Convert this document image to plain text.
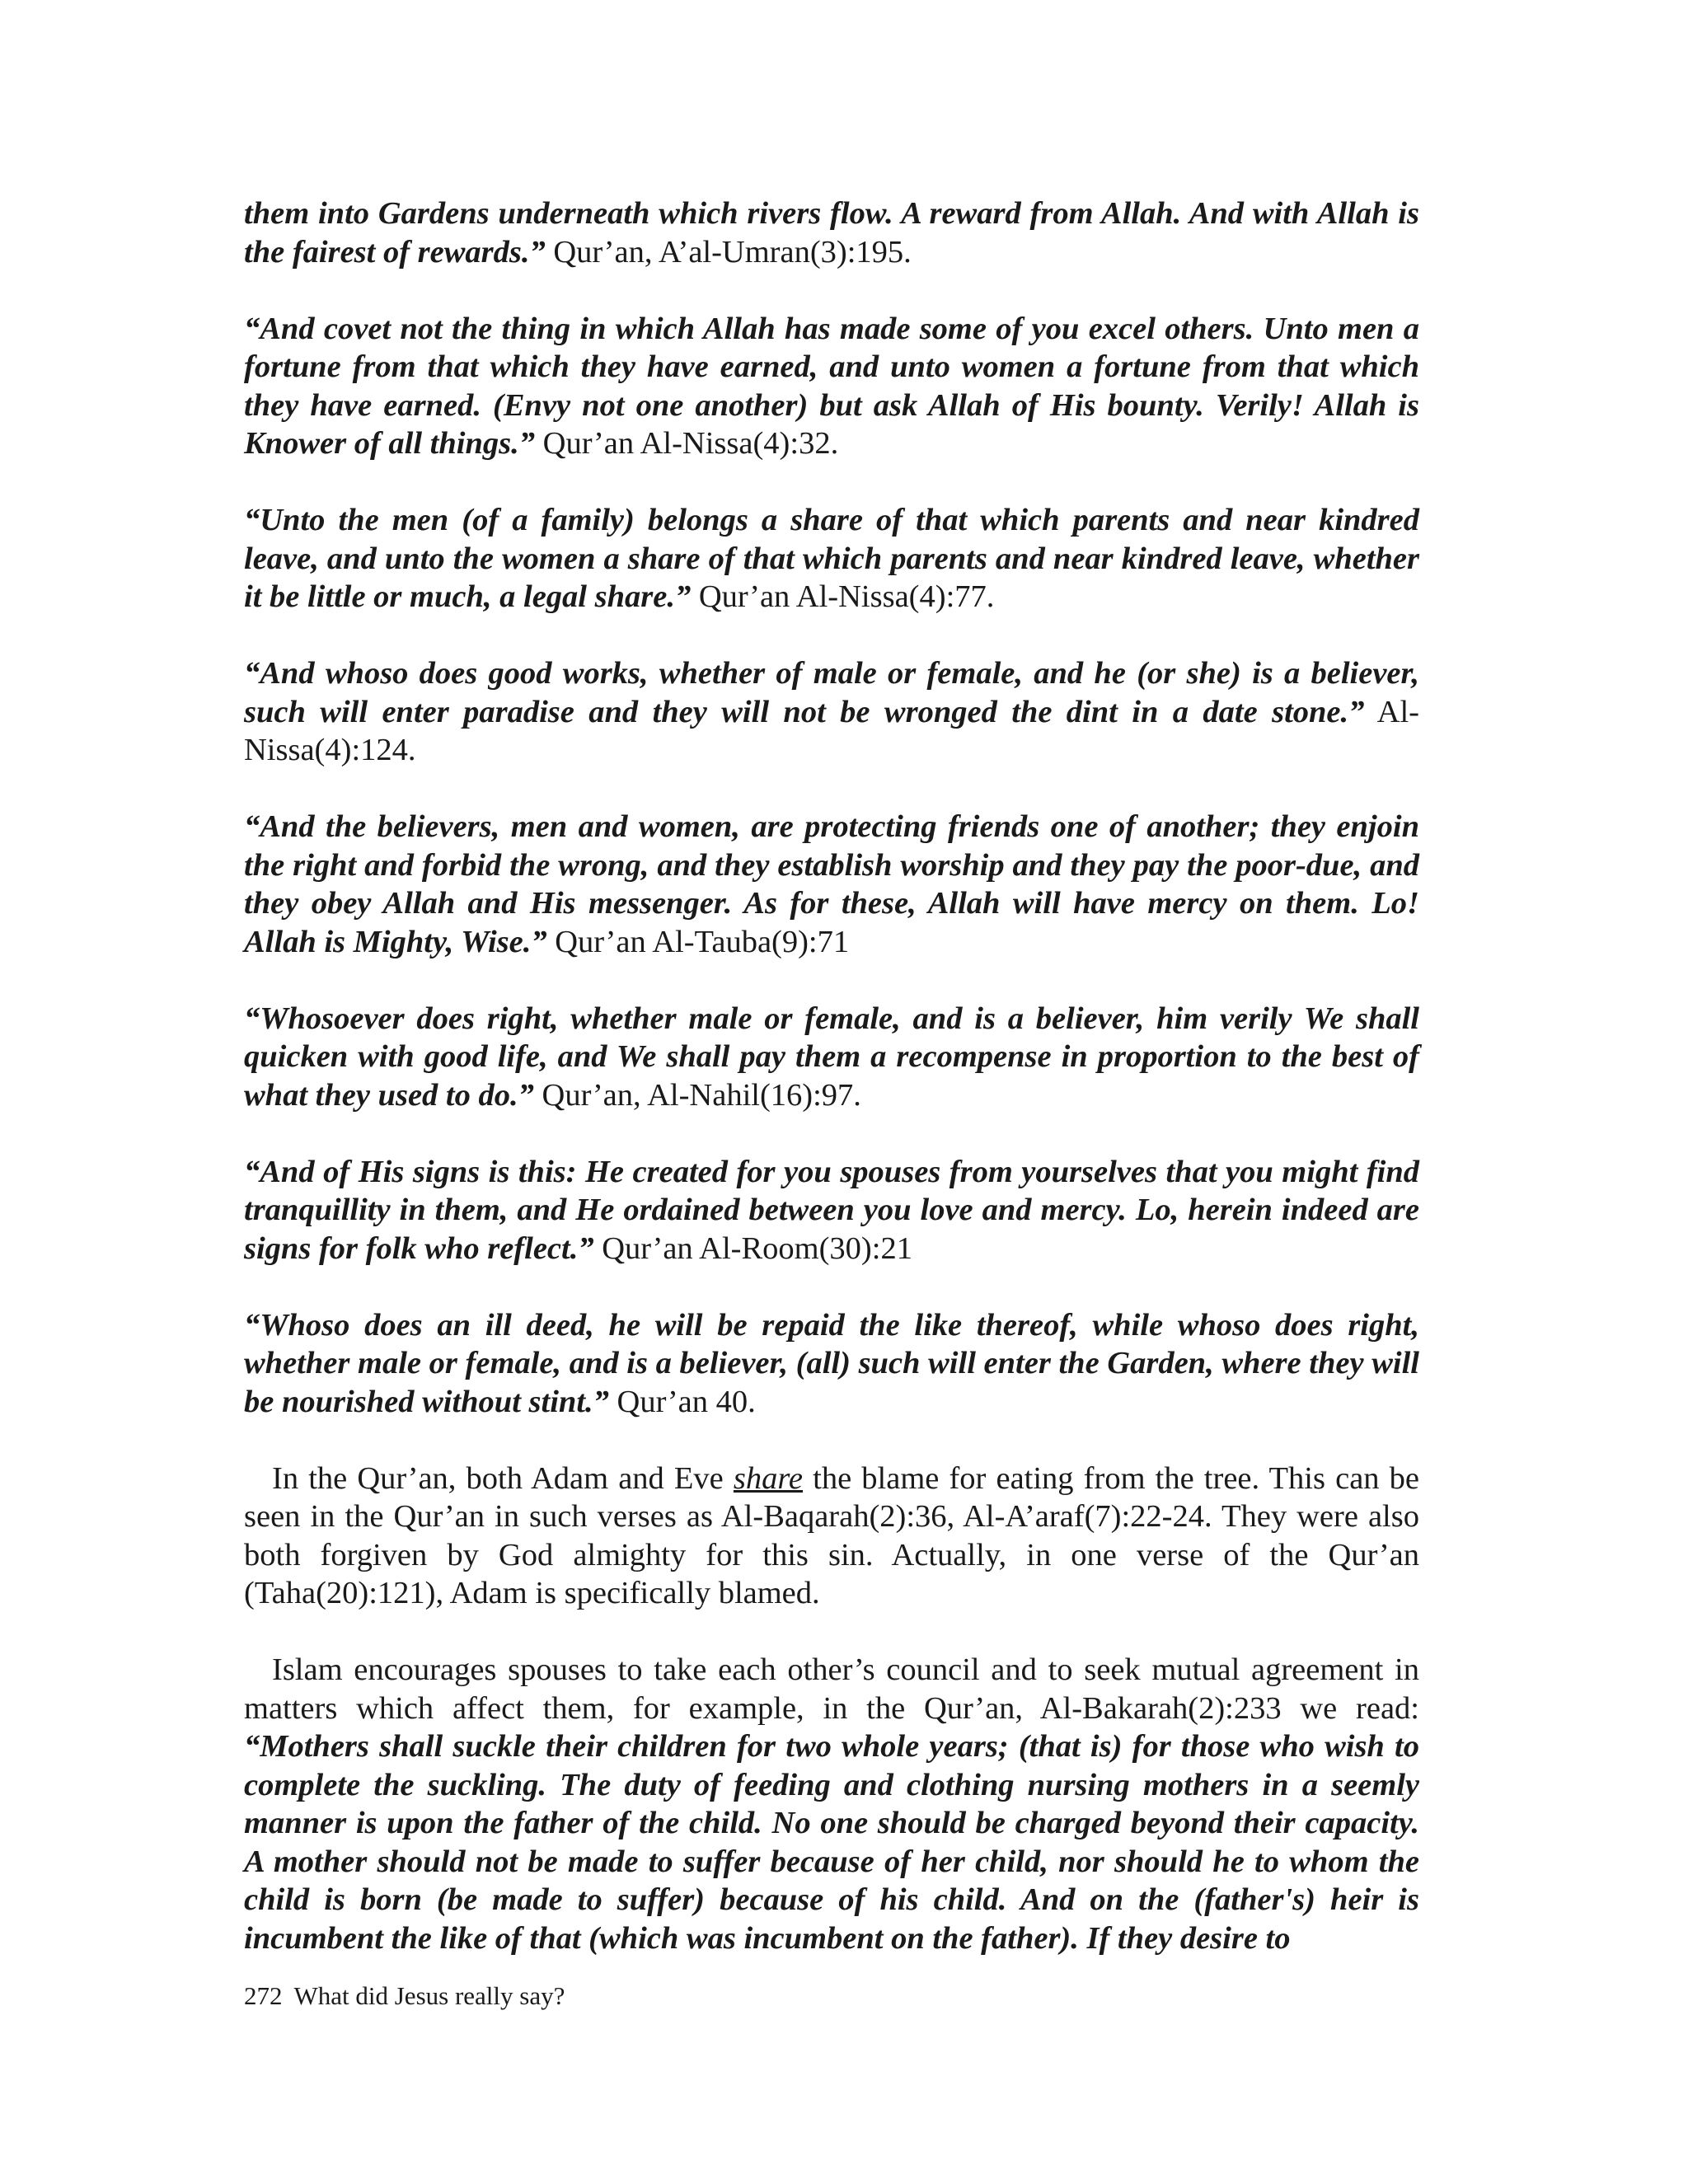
them into Gardens underneath which rivers flow. A reward from Allah. And with Allah is the fairest of rewards.” Qur’an, A’al-Umran(3):195.

“And covet not the thing in which Allah has made some of you excel others. Unto men a fortune from that which they have earned, and unto women a fortune from that which they have earned. (Envy not one another) but ask Allah of His bounty. Verily! Allah is Knower of all things.” Qur’an Al-Nissa(4):32.

“Unto the men (of a family) belongs a share of that which parents and near kindred leave, and unto the women a share of that which parents and near kindred leave, whether it be little or much, a legal share.” Qur’an Al-Nissa(4):77.

“And whoso does good works, whether of male or female, and he (or she) is a believer, such will enter paradise and they will not be wronged the dint in a date stone.” Al-Nissa(4):124.

“And the believers, men and women, are protecting friends one of another; they enjoin the right and forbid the wrong, and they establish worship and they pay the poor-due, and they obey Allah and His messenger. As for these, Allah will have mercy on them. Lo! Allah is Mighty, Wise.” Qur’an Al-Tauba(9):71

“Whosoever does right, whether male or female, and is a believer, him verily We shall quicken with good life, and We shall pay them a recompense in proportion to the best of what they used to do.” Qur’an, Al-Nahil(16):97.

“And of His signs is this: He created for you spouses from yourselves that you might find tranquillity in them, and He ordained between you love and mercy. Lo, herein indeed are signs for folk who reflect.” Qur’an Al-Room(30):21

“Whoso does an ill deed, he will be repaid the like thereof, while whoso does right, whether male or female, and is a believer, (all) such will enter the Garden, where they will be nourished without stint.” Qur’an 40.

In the Qur’an, both Adam and Eve share the blame for eating from the tree. This can be seen in the Qur’an in such verses as Al-Baqarah(2):36, Al-A’araf(7):22-24. They were also both forgiven by God almighty for this sin. Actually, in one verse of the Qur’an (Taha(20):121), Adam is specifically blamed.

Islam encourages spouses to take each other’s council and to seek mutual agreement in matters which affect them, for example, in the Qur’an, Al-Bakarah(2):233 we read: “Mothers shall suckle their children for two whole years; (that is) for those who wish to complete the suckling. The duty of feeding and clothing nursing mothers in a seemly manner is upon the father of the child. No one should be charged beyond their capacity. A mother should not be made to suffer because of her child, nor should he to whom the child is born (be made to suffer) because of his child. And on the (father's) heir is incumbent the like of that (which was incumbent on the father). If they desire to

272 What did Jesus really say?
